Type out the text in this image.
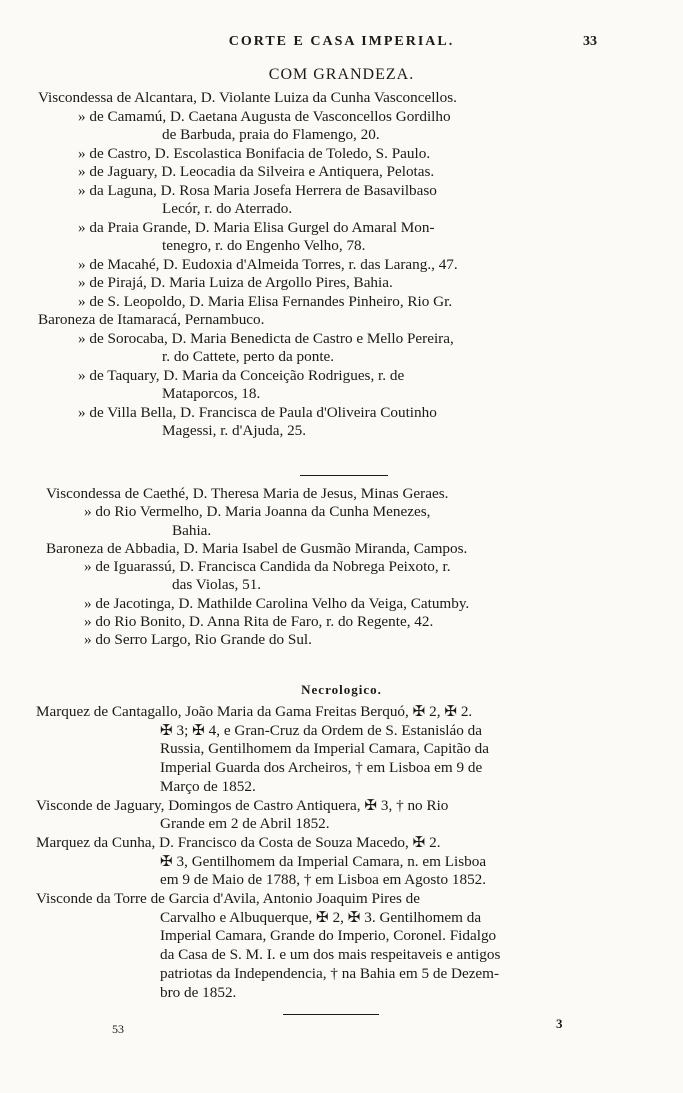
CORTE E CASA IMPERIAL.	33
COM GRANDEZA.
Viscondessa de Alcantara, D. Violante Luiza da Cunha Vasconcellos.
» de Camamú, D. Caetana Augusta de Vasconcellos Gordilho
de Barbuda, praia do Flamengo, 20.
» de Castro, D. Escolastica Bonifacia de Toledo, S. Paulo.
» de Jaguary, D. Leocadia da Silveira e Antiquera, Pelotas.
» da Laguna, D. Rosa Maria Josefa Herrera de Basavilbaso
Lecór, r. do Aterrado.
» da Praia Grande, D. Maria Elisa Gurgel do Amaral Mon-
tenegro, r. do Engenho Velho, 78.
» de Macahé, D. Eudoxia d'Almeida Torres, r. das Larang., 47.
» de Pirajá, D. Maria Luiza de Argollo Pires, Bahia.
» de S. Leopoldo, D. Maria Elisa Fernandes Pinheiro, Rio Gr.
Baroneza de Itamaracá, Pernambuco.
» de Sorocaba, D. Maria Benedicta de Castro e Mello Pereira,
r. do Cattete, perto da ponte.
» de Taquary, D. Maria da Conceição Rodrigues, r. de
Mataporcos, 18.
» de Villa Bella, D. Francisca de Paula d'Oliveira Coutinho
Magessi, r. d'Ajuda, 25.
Viscondessa de Caethé, D. Theresa Maria de Jesus, Minas Geraes.
» do Rio Vermelho, D. Maria Joanna da Cunha Menezes,
Bahia.
Baroneza de Abbadia, D. Maria Isabel de Gusmão Miranda, Campos.
» de Iguarassú, D. Francisca Candida da Nobrega Peixoto, r.
das Violas, 51.
» de Jacotinga, D. Mathilde Carolina Velho da Veiga, Catumby.
» do Rio Bonito, D. Anna Rita de Faro, r. do Regente, 42.
» do Serro Largo, Rio Grande do Sul.
Necrologico.
Marquez de Cantagallo, João Maria da Gama Freitas Berquó, ✠ 2, ✠ 2.
✠ 3; ✠ 4, e Gran-Cruz da Ordem de S. Estanisláo da
Russia, Gentilhomem da Imperial Camara, Capitão da
Imperial Guarda dos Archeiros, † em Lisboa em 9 de
Março de 1852.
Visconde de Jaguary, Domingos de Castro Antiquera, ✠ 3, † no Rio
Grande em 2 de Abril 1852.
Marquez da Cunha, D. Francisco da Costa de Souza Macedo, ✠ 2.
✠ 3, Gentilhomem da Imperial Camara, n. em Lisboa
em 9 de Maio de 1788, † em Lisboa em Agosto 1852.
Visconde da Torre de Garcia d'Avila, Antonio Joaquim Pires de
Carvalho e Albuquerque, ✠ 2, ✠ 3. Gentilhomem da
Imperial Camara, Grande do Imperio, Coronel. Fidalgo
da Casa de S. M. I. e um dos mais respeitaveis e antigos
patriotas da Independencia, † na Bahia em 5 de Dezem-
bro de 1852.
53	3
